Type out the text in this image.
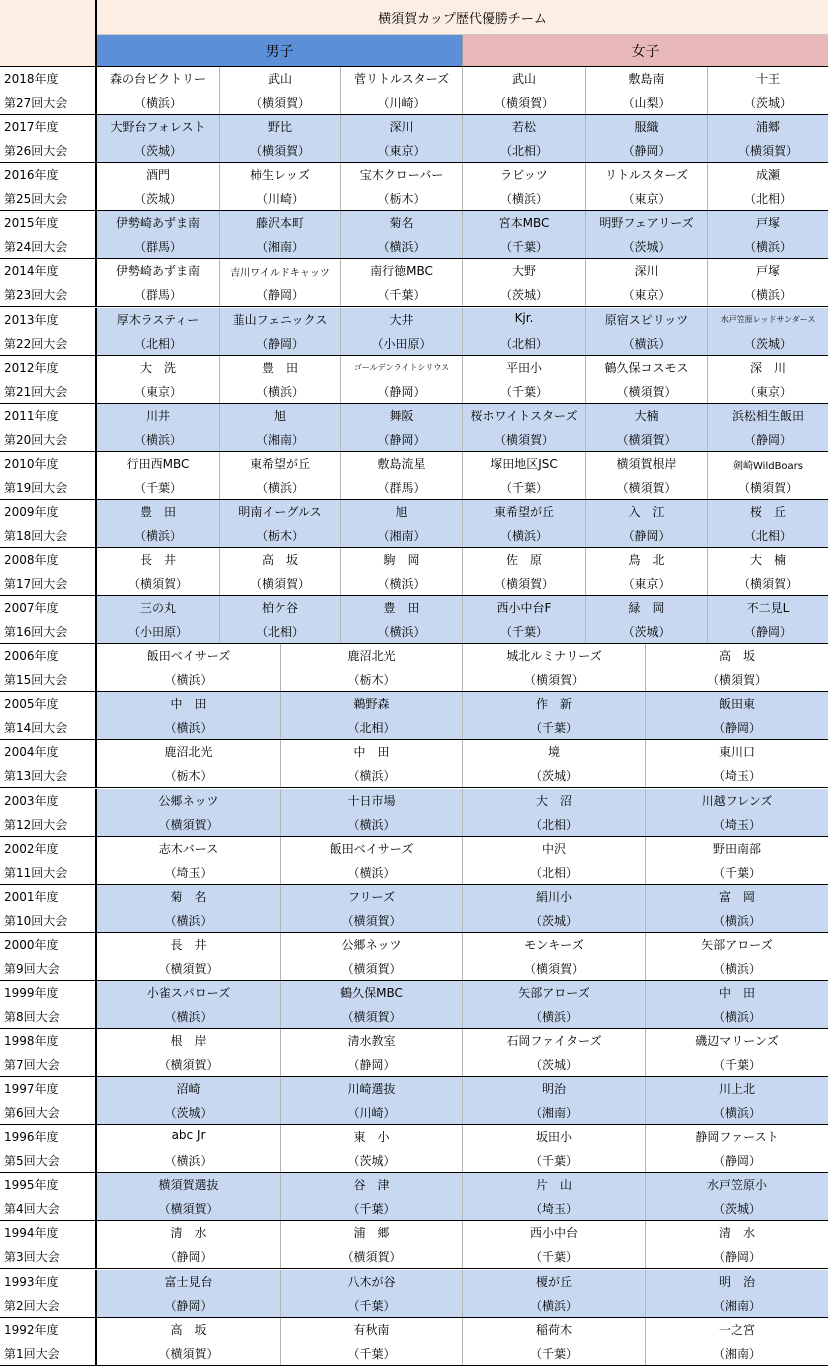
横須賀カップ歴代優勝チーム
男子	女子
2018年度
第27回大会
森の台ビクトリー
（横浜）
武山
（横須賀）
菅リトルスターズ
（川崎）
武山
（横須賀）
敷島南
（山梨）
十王
（茨城）
2017年度
第26回大会
大野台フォレスト
（茨城）
野比
（横須賀）
深川
（東京）
若松
（北相）
服織
（静岡）
浦郷
（横須賀）
2016年度
第25回大会
酒門
（茨城）
柿生レッズ
（川崎）
宝木クローバー
（栃木）
ラビッツ
（横浜）
リトルスターズ
（東京）
成瀬
（北相）
2015年度
第24回大会
伊勢崎あずま南
（群馬）
藤沢本町
（湘南）
菊名
（横浜）
宮本MBC
（千葉）
明野フェアリーズ
（茨城）
戸塚
（横浜）
2014年度
第23回大会
伊勢崎あずま南
（群馬）
吉川ワイルドキャッツ
（静岡）
南行徳MBC
（千葉）
大野
（茨城）
深川
（東京）
戸塚
（横浜）
2013年度
第22回大会
厚木ラスティー
（北相）
韮山フェニックス
（静岡）
大井
（小田原）
Kjr.
（北相）
原宿スピリッツ
（横浜）
水戸笠原レッドサンダース
（茨城）
2012年度
第21回大会
大　洗
（東京）
豊　田
（横浜）
ゴールデンライトシリウス
（静岡）
平田小
（千葉）
鶴久保コスモス
（横須賀）
深　川
（東京）
2011年度
第20回大会
川井
（横浜）
旭
（湘南）
舞阪
（静岡）
桜ホワイトスターズ
（横須賀）
大楠
（横須賀）
浜松相生飯田
（静岡）
2010年度
第19回大会
行田西MBC
（千葉）
東希望が丘
（横浜）
敷島流星
（群馬）
塚田地区JSC
（千葉）
横須賀根岸
（横須賀）
剣崎WildBoars
（横須賀）
2009年度
第18回大会
豊　田
（横浜）
明南イーグルス
（栃木）
旭
（湘南）
東希望が丘
（横浜）
入　江
（静岡）
桜　丘
（北相）
2008年度
第17回大会
長　井
（横須賀）
高　坂
（横須賀）
駒　岡
（横浜）
佐　原
（横須賀）
鳥　北
（東京）
大　楠
（横須賀）
2007年度
第16回大会
三の丸
（小田原）
柏ケ谷
（北相）
豊　田
（横浜）
西小中台F
（千葉）
緑　岡
（茨城）
不二見L
（静岡）
2006年度
第15回大会
飯田ベイサーズ
（横浜）
鹿沼北光
（栃木）
城北ルミナリーズ
（横須賀）
高　坂
（横須賀）
2005年度
第14回大会
中　田
（横浜）
鵜野森
（北相）
作　新
（千葉）
飯田東
（静岡）
2004年度
第13回大会
鹿沼北光
（栃木）
中　田
（横浜）
境
（茨城）
東川口
（埼玉）
2003年度
第12回大会
公郷ネッツ
（横須賀）
十日市場
（横浜）
大　沼
（北相）
川越フレンズ
（埼玉）
2002年度
第11回大会
志木バース
（埼玉）
飯田ベイサーズ
（横浜）
中沢
（北相）
野田南部
（千葉）
2001年度
第10回大会
菊　名
（横浜）
フリーズ
（横須賀）
絹川小
（茨城）
富　岡
（横浜）
2000年度
第9回大会
長　井
（横須賀）
公郷ネッツ
（横須賀）
モンキーズ
（横須賀）
矢部アローズ
（横浜）
1999年度
第8回大会
小雀スパローズ
（横浜）
鶴久保MBC
（横須賀）
矢部アローズ
（横浜）
中　田
（横浜）
1998年度
第7回大会
根　岸
（横須賀）
清水教室
（静岡）
石岡ファイターズ
（茨城）
磯辺マリーンズ
（千葉）
1997年度
第6回大会
沼崎
（茨城）
川崎選抜
（川崎）
明治
（湘南）
川上北
（横浜）
1996年度
第5回大会
abc Jr
（横浜）
東　小
（茨城）
坂田小
（千葉）
静岡ファースト
（静岡）
1995年度
第4回大会
横須賀選抜
（横須賀）
谷　津
（千葉）
片　山
（埼玉）
水戸笠原小
（茨城）
1994年度
第3回大会
清　水
（静岡）
浦　郷
（横須賀）
西小中台
（千葉）
清　水
（静岡）
1993年度
第2回大会
富士見台
（静岡）
八木が谷
（千葉）
榎が丘
（横浜）
明　治
（湘南）
1992年度
第1回大会
高　坂
（横須賀）
有秋南
（千葉）
稲荷木
（千葉）
一之宮
（湘南）
